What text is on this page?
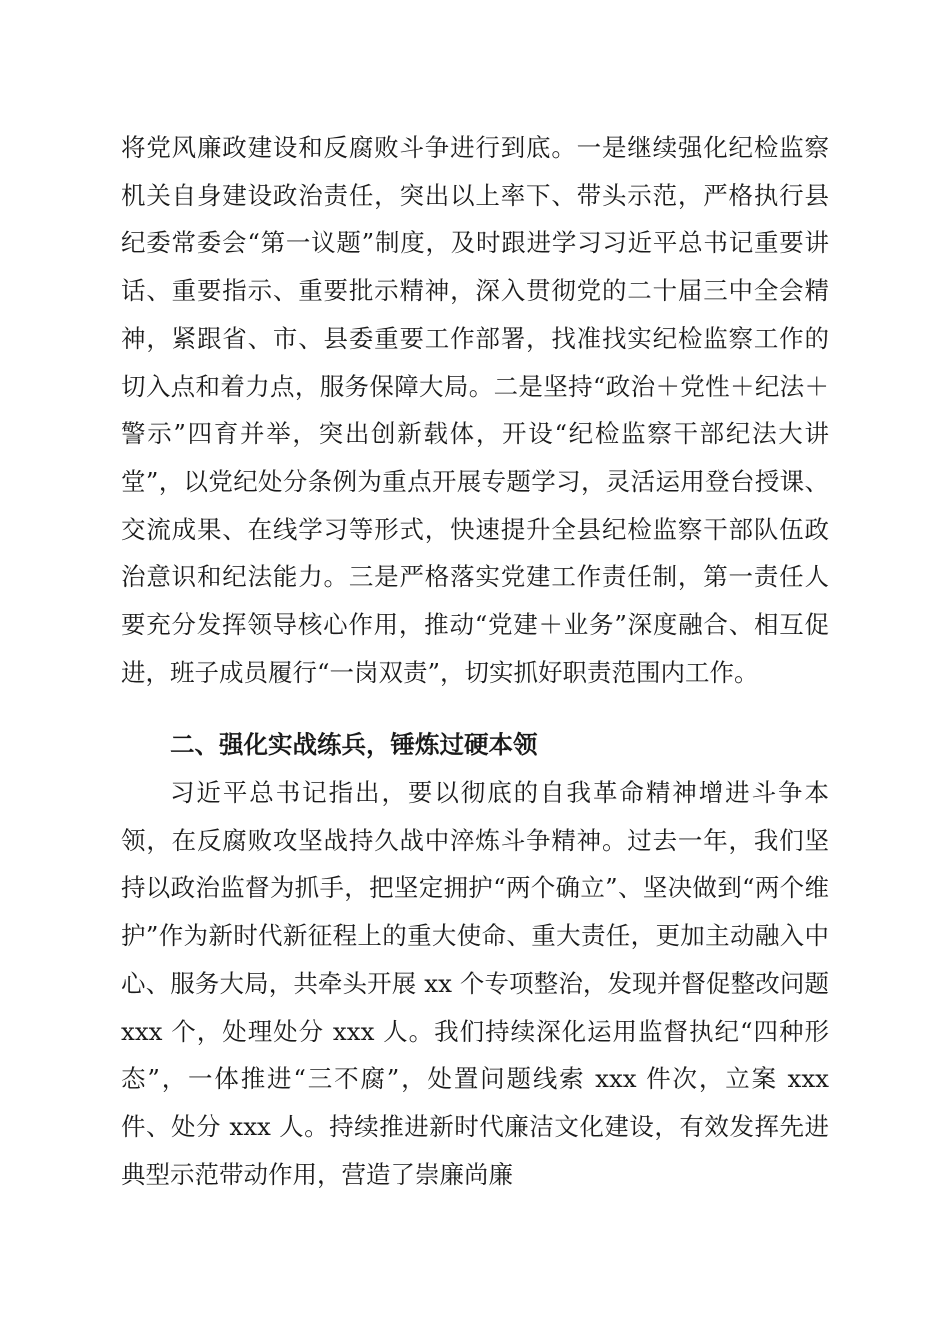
将党风廉政建设和反腐败斗争进行到底。一是继续强化纪检监察机关自身建设政治责任，突出以上率下、带头示范，严格执行县纪委常委会“第一议题”制度，及时跟进学习习近平总书记重要讲话、重要指示、重要批示精神，深入贯彻党的二十届三中全会精神，紧跟省、市、县委重要工作部署，找准找实纪检监察工作的切入点和着力点，服务保障大局。二是坚持“政治＋党性＋纪法＋警示”四育并举，突出创新载体，开设“纪检监察干部纪法大讲堂”，以党纪处分条例为重点开展专题学习，灵活运用登台授课、交流成果、在线学习等形式，快速提升全县纪检监察干部队伍政治意识和纪法能力。三是严格落实党建工作责任制，第一责任人要充分发挥领导核心作用，推动“党建＋业务”深度融合、相互促进，班子成员履行“一岗双责”，切实抓好职责范围内工作。

二、强化实战练兵，锤炼过硬本领

习近平总书记指出，要以彻底的自我革命精神增进斗争本领，在反腐败攻坚战持久战中淬炼斗争精神。过去一年，我们坚持以政治监督为抓手，把坚定拥护“两个确立”、坚决做到“两个维护”作为新时代新征程上的重大使命、重大责任，更加主动融入中心、服务大局，共牵头开展 xx 个专项整治，发现并督促整改问题 xxx 个，处理处分 xxx 人。我们持续深化运用监督执纪“四种形态”，一体推进“三不腐”，处置问题线索 xxx 件次，立案 xxx 件、处分 xxx 人。持续推进新时代廉洁文化建设，有效发挥先进典型示范带动作用，营造了崇廉尚廉
